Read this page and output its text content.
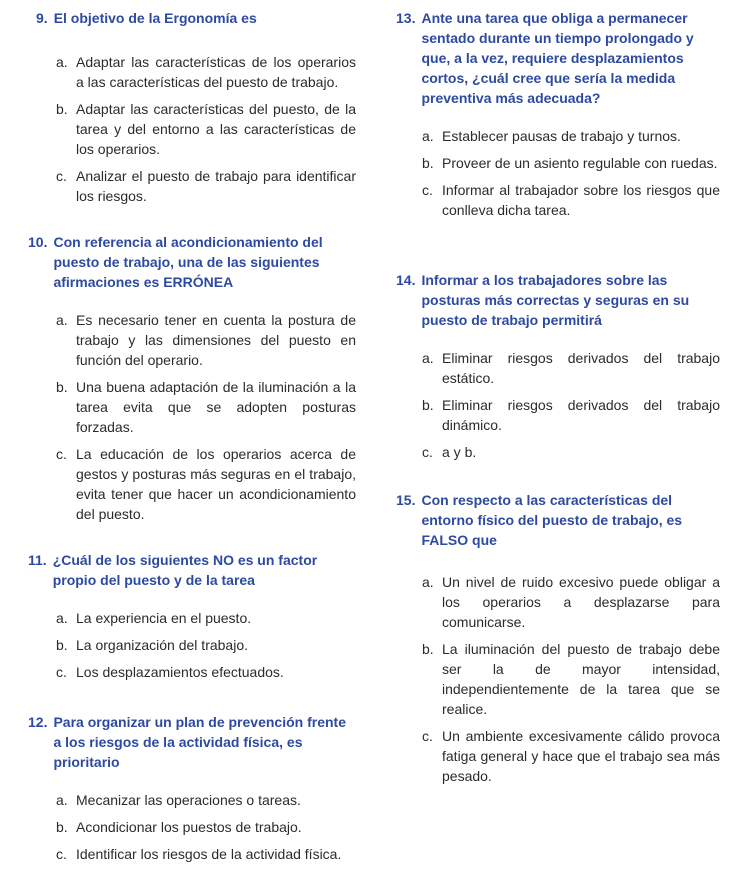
9. El objetivo de la Ergonomía es
a. Adaptar las características de los operarios a las características del puesto de trabajo.
b. Adaptar las características del puesto, de la tarea y del entorno a las características de los operarios.
c. Analizar el puesto de trabajo para identificar los riesgos.
10. Con referencia al acondicionamiento del puesto de trabajo, una de las siguientes afirmaciones es ERRÓNEA
a. Es necesario tener en cuenta la postura de trabajo y las dimensiones del puesto en función del operario.
b. Una buena adaptación de la iluminación a la tarea evita que se adopten posturas forzadas.
c. La educación de los operarios acerca de gestos y posturas más seguras en el trabajo, evita tener que hacer un acondicionamiento del puesto.
11. ¿Cuál de los siguientes NO es un factor propio del puesto y de la tarea
a. La experiencia en el puesto.
b. La organización del trabajo.
c. Los desplazamientos efectuados.
12. Para organizar un plan de prevención frente a los riesgos de la actividad física, es prioritario
a. Mecanizar las operaciones o tareas.
b. Acondicionar los puestos de trabajo.
c. Identificar los riesgos de la actividad física.
13. Ante una tarea que obliga a permanecer sentado durante un tiempo prolongado y que, a la vez, requiere desplazamientos cortos, ¿cuál cree que sería la medida preventiva más adecuada?
a. Establecer pausas de trabajo y turnos.
b. Proveer de un asiento regulable con ruedas.
c. Informar al trabajador sobre los riesgos que conlleva dicha tarea.
14. Informar a los trabajadores sobre las posturas más correctas y seguras en su puesto de trabajo permitirá
a. Eliminar riesgos derivados del trabajo estático.
b. Eliminar riesgos derivados del trabajo dinámico.
c. a y b.
15. Con respecto a las características del entorno físico del puesto de trabajo, es FALSO que
a. Un nivel de ruido excesivo puede obligar a los operarios a desplazarse para comunicarse.
b. La iluminación del puesto de trabajo debe ser la de mayor intensidad, independientemente de la tarea que se realice.
c. Un ambiente excesivamente cálido provoca fatiga general y hace que el trabajo sea más pesado.
